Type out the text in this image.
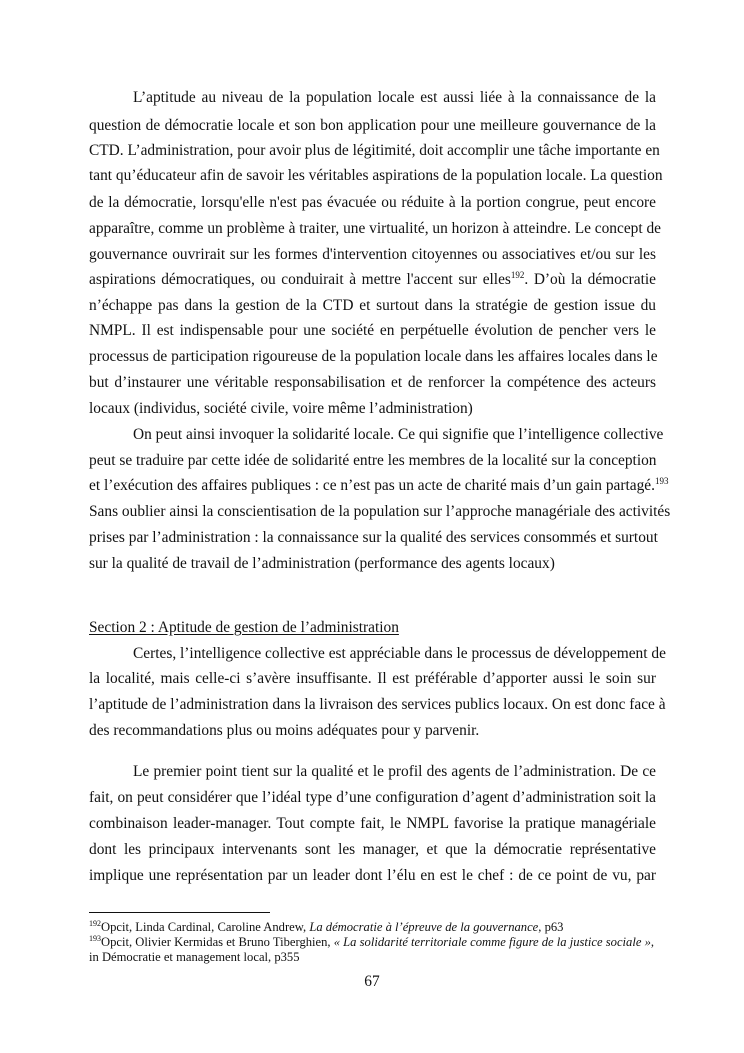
Section 2 : Aptitude de gestion de l’administration
67
L’aptitude au niveau de la population locale est aussi liée à la connaissance de la
question de démocratie locale et son bon application pour une meilleure gouvernance de la
CTD. L’administration, pour avoir plus de légitimité, doit accomplir une tâche importante en
tant qu’éducateur afin de savoir les véritables aspirations de la population locale. La question
de la démocratie, lorsqu'elle n'est pas évacuée ou réduite à la portion congrue, peut encore
apparaître, comme un problème à traiter, une virtualité, un horizon à atteindre. Le concept de
gouvernance ouvrirait sur les formes d'intervention citoyennes ou associatives et/ou sur les
aspirations démocratiques, ou conduirait à mettre l'accent sur elles$^{192}$. D’où la démocratie
n’échappe pas dans la gestion de la CTD et surtout dans la stratégie de gestion issue du
NMPL. Il est indispensable pour une société en perpétuelle évolution de pencher vers le
processus de participation rigoureuse de la population locale dans les affaires locales dans le
but d’instaurer une véritable responsabilisation et de renforcer la compétence des acteurs
locaux (individus, société civile, voire même l’administration)
On peut ainsi invoquer la solidarité locale. Ce qui signifie que l’intelligence collective
peut se traduire par cette idée de solidarité entre les membres de la localité sur la conception
et l’exécution des affaires publiques : ce n’est pas un acte de charité mais d’un gain partagé.$^{193}$
Sans oublier ainsi la conscientisation de la population sur l’approche managériale des activités
prises par l’administration : la connaissance sur la qualité des services consommés et surtout
sur la qualité de travail de l’administration (performance des agents locaux)
Certes, l’intelligence collective est appréciable dans le processus de développement de
la localité, mais celle-ci s’avère insuffisante. Il est préférable d’apporter aussi le soin sur
l’aptitude de l’administration dans la livraison des services publics locaux. On est donc face à
des recommandations plus ou moins adéquates pour y parvenir.
Le premier point tient sur la qualité et le profil des agents de l’administration. De ce
fait, on peut considérer que l’idéal type d’une configuration d’agent d’administration soit la
combinaison leader-manager. Tout compte fait, le NMPL favorise la pratique managériale
dont les principaux intervenants sont les manager, et que la démocratie représentative
implique une représentation par un leader dont l’élu en est le chef : de ce point de vu, par
$^{192}$Opcit, Linda Cardinal, Caroline Andrew, La démocratie à l’épreuve de la gouvernance, p63
$^{193}$Opcit, Olivier Kermidas et Bruno Tiberghien, « La solidarité territoriale comme figure de la justice sociale »,
in Démocratie et management local, p355
